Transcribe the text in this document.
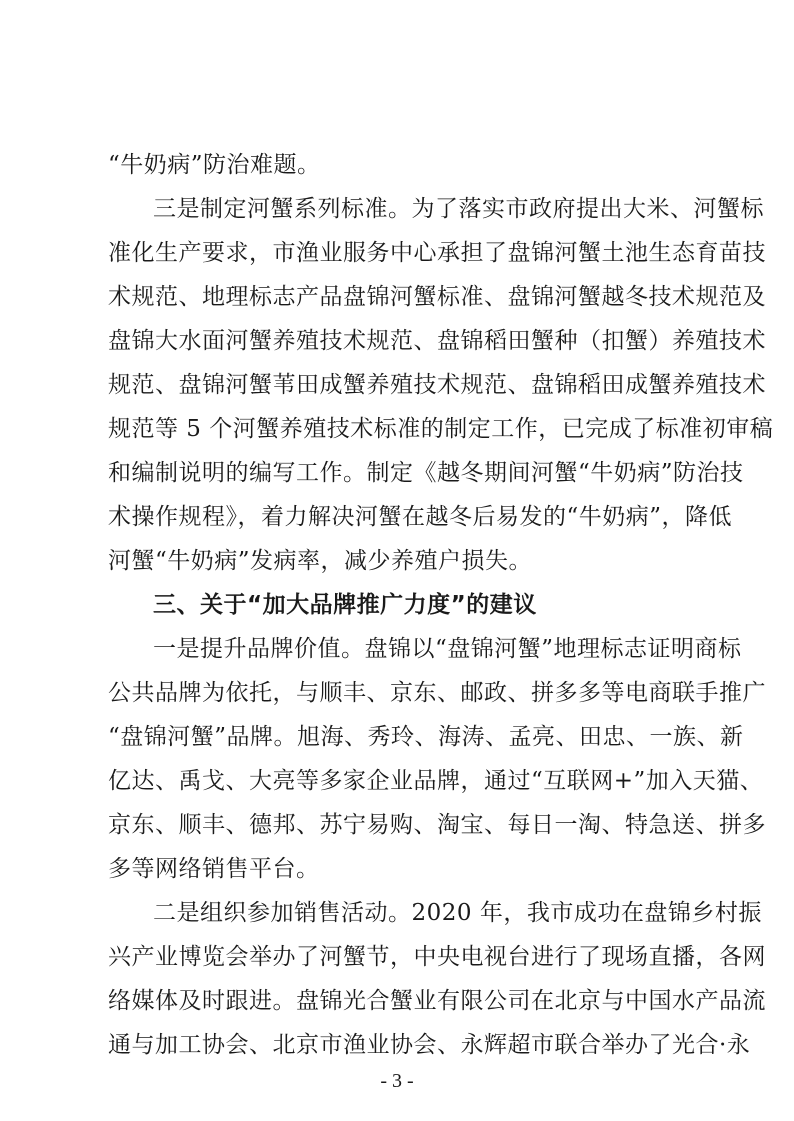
“牛奶病”防治难题。
三是制定河蟹系列标准。为了落实市政府提出大米、河蟹标
准化生产要求，市渔业服务中心承担了盘锦河蟹土池生态育苗技
术规范、地理标志产品盘锦河蟹标准、盘锦河蟹越冬技术规范及
盘锦大水面河蟹养殖技术规范、盘锦稻田蟹种（扣蟹）养殖技术
规范、盘锦河蟹苇田成蟹养殖技术规范、盘锦稻田成蟹养殖技术
规范等 5 个河蟹养殖技术标准的制定工作，已完成了标准初审稿
和编制说明的编写工作。制定《越冬期间河蟹“牛奶病”防治技
术操作规程》，着力解决河蟹在越冬后易发的“牛奶病”，降低
河蟹“牛奶病”发病率，减少养殖户损失。
三、关于“加大品牌推广力度”的建议
一是提升品牌价值。盘锦以“盘锦河蟹”地理标志证明商标
公共品牌为依托，与顺丰、京东、邮政、拼多多等电商联手推广
“盘锦河蟹”品牌。旭海、秀玲、海涛、孟亮、田忠、一族、新
亿达、禹戈、大亮等多家企业品牌，通过“互联网+”加入天猫、
京东、顺丰、德邦、苏宁易购、淘宝、每日一淘、特急送、拼多
多等网络销售平台。
二是组织参加销售活动。2020 年，我市成功在盘锦乡村振
兴产业博览会举办了河蟹节，中央电视台进行了现场直播，各网
络媒体及时跟进。盘锦光合蟹业有限公司在北京与中国水产品流
通与加工协会、北京市渔业协会、永辉超市联合举办了光合·永
- 3 -
